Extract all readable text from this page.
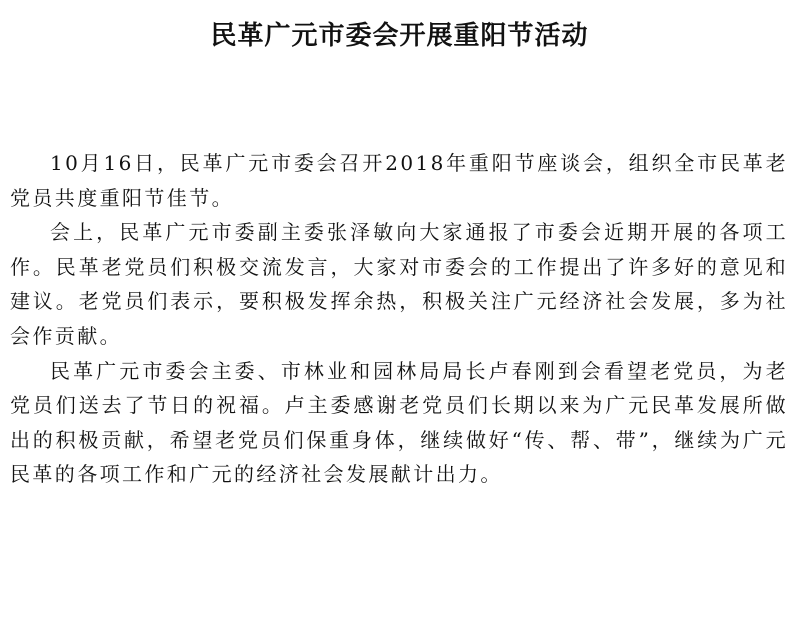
民革广元市委会开展重阳节活动

10月16日，民革广元市委会召开2018年重阳节座谈会，组织全市民革老党员共度重阳节佳节。

会上，民革广元市委副主委张泽敏向大家通报了市委会近期开展的各项工作。民革老党员们积极交流发言，大家对市委会的工作提出了许多好的意见和建议。老党员们表示，要积极发挥余热，积极关注广元经济社会发展，多为社会作贡献。

民革广元市委会主委、市林业和园林局局长卢春刚到会看望老党员，为老党员们送去了节日的祝福。卢主委感谢老党员们长期以来为广元民革发展所做出的积极贡献，希望老党员们保重身体，继续做好“传、帮、带”，继续为广元民革的各项工作和广元的经济社会发展献计出力。
